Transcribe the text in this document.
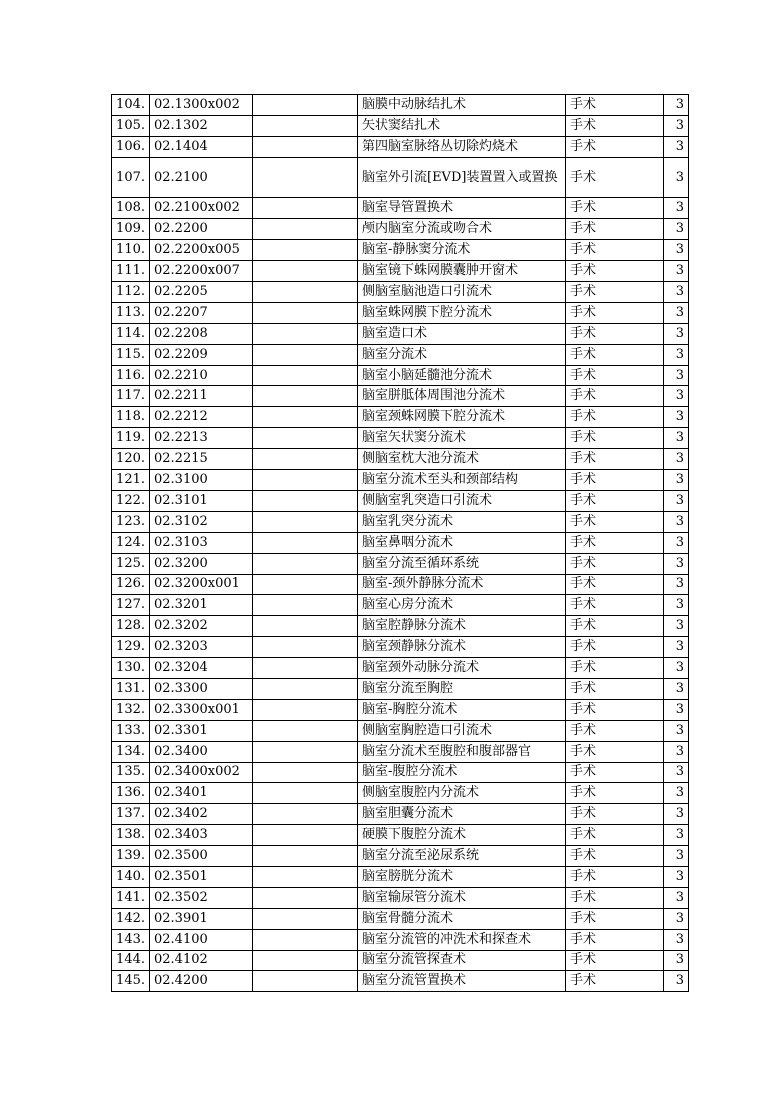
104.	02.1300x002		脑膜中动脉结扎术	手术	3
105.	02.1302		矢状窦结扎术	手术	3
106.	02.1404		第四脑室脉络丛切除灼烧术	手术	3
107.	02.2100		脑室外引流[EVD]装置置入或置换	手术	3
108.	02.2100x002		脑室导管置换术	手术	3
109.	02.2200		颅内脑室分流或吻合术	手术	3
110.	02.2200x005		脑室-静脉窦分流术	手术	3
111.	02.2200x007		脑室镜下蛛网膜囊肿开窗术	手术	3
112.	02.2205		侧脑室脑池造口引流术	手术	3
113.	02.2207		脑室蛛网膜下腔分流术	手术	3
114.	02.2208		脑室造口术	手术	3
115.	02.2209		脑室分流术	手术	3
116.	02.2210		脑室小脑延髓池分流术	手术	3
117.	02.2211		脑室胼胝体周围池分流术	手术	3
118.	02.2212		脑室颈蛛网膜下腔分流术	手术	3
119.	02.2213		脑室矢状窦分流术	手术	3
120.	02.2215		侧脑室枕大池分流术	手术	3
121.	02.3100		脑室分流术至头和颈部结构	手术	3
122.	02.3101		侧脑室乳突造口引流术	手术	3
123.	02.3102		脑室乳突分流术	手术	3
124.	02.3103		脑室鼻咽分流术	手术	3
125.	02.3200		脑室分流至循环系统	手术	3
126.	02.3200x001		脑室-颈外静脉分流术	手术	3
127.	02.3201		脑室心房分流术	手术	3
128.	02.3202		脑室腔静脉分流术	手术	3
129.	02.3203		脑室颈静脉分流术	手术	3
130.	02.3204		脑室颈外动脉分流术	手术	3
131.	02.3300		脑室分流至胸腔	手术	3
132.	02.3300x001		脑室-胸腔分流术	手术	3
133.	02.3301		侧脑室胸腔造口引流术	手术	3
134.	02.3400		脑室分流术至腹腔和腹部器官	手术	3
135.	02.3400x002		脑室-腹腔分流术	手术	3
136.	02.3401		侧脑室腹腔内分流术	手术	3
137.	02.3402		脑室胆囊分流术	手术	3
138.	02.3403		硬膜下腹腔分流术	手术	3
139.	02.3500		脑室分流至泌尿系统	手术	3
140.	02.3501		脑室膀胱分流术	手术	3
141.	02.3502		脑室输尿管分流术	手术	3
142.	02.3901		脑室骨髓分流术	手术	3
143.	02.4100		脑室分流管的冲洗术和探查术	手术	3
144.	02.4102		脑室分流管探查术	手术	3
145.	02.4200		脑室分流管置换术	手术	3
